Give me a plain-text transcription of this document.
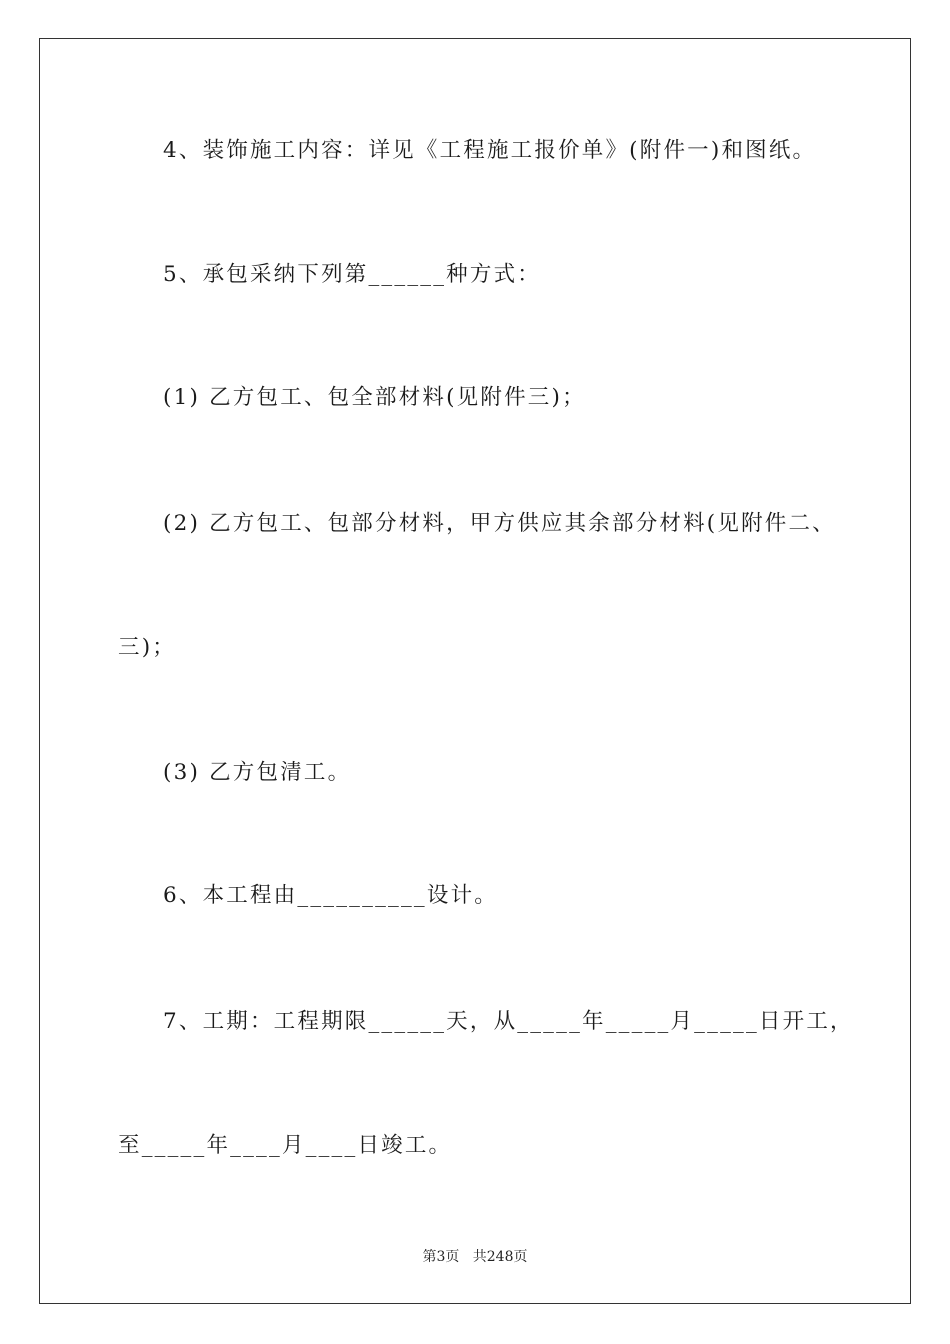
4、装饰施工内容：详见《工程施工报价单》(附件一)和图纸。
5、承包采纳下列第______种方式：
(1) 乙方包工、包全部材料(见附件三)；
(2) 乙方包工、包部分材料，甲方供应其余部分材料(见附件二、
三)；
(3) 乙方包清工。
6、本工程由__________设计。
7、工期：工程期限______天，从_____年_____月_____日开工，
至_____年____月____日竣工。
第3页 共248页
